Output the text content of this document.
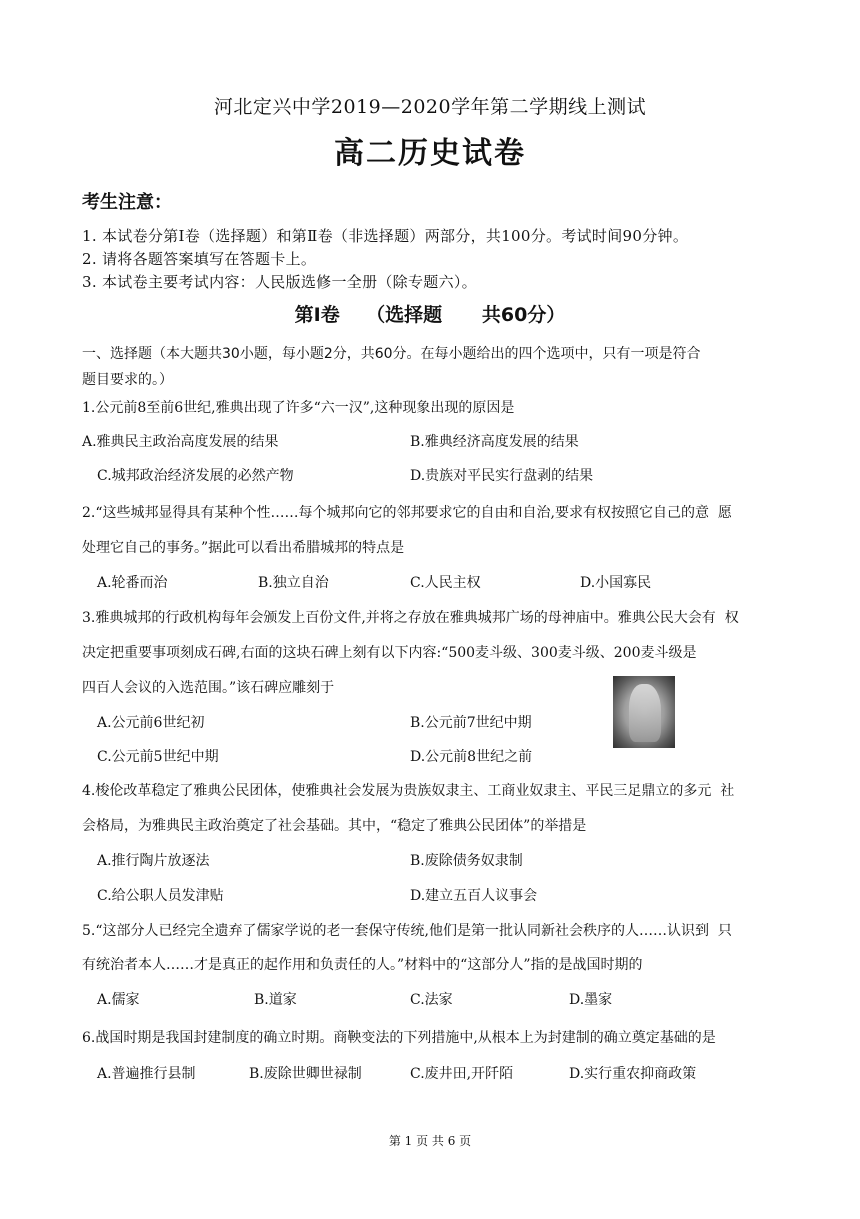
河北定兴中学2019—2020学年第二学期线上测试
高二历史试卷
考生注意：
1. 本试卷分第Ⅰ卷（选择题）和第Ⅱ卷（非选择题）两部分，共100分。考试时间90分钟。
2. 请将各题答案填写在答题卡上。
3. 本试卷主要考试内容：人民版选修一全册（除专题六）。
第Ⅰ卷    （选择题      共60分）
一、选择题（本大题共30小题，每小题2分，共60分。在每小题给出的四个选项中，只有一项是符合
题目要求的。）
1.公元前8至前6世纪,雅典出现了许多“六一汉”,这种现象出现的原因是
A.雅典民主政治高度发展的结果	B.雅典经济高度发展的结果
C.城邦政治经济发展的必然产物	D.贵族对平民实行盘剥的结果
2.“这些城邦显得具有某种个性……每个城邦向它的邻邦要求它的自由和自治,要求有权按照它自己的意  愿
处理它自己的事务。”据此可以看出希腊城邦的特点是
A.轮番而治	B.独立自治	C.人民主权	D.小国寡民
3.雅典城邦的行政机构每年会颁发上百份文件,并将之存放在雅典城邦广场的母神庙中。雅典公民大会有  权
决定把重要事项刻成石碑,右面的这块石碑上刻有以下内容:“500麦斗级、300麦斗级、200麦斗级是
四百人会议的入选范围。”该石碑应雕刻于
A.公元前6世纪初	B.公元前7世纪中期
C.公元前5世纪中期	D.公元前8世纪之前
4.梭伦改革稳定了雅典公民团体，使雅典社会发展为贵族奴隶主、工商业奴隶主、平民三足鼎立的多元  社
会格局，为雅典民主政治奠定了社会基础。其中，“稳定了雅典公民团体”的举措是
A.推行陶片放逐法	B.废除债务奴隶制
C.给公职人员发津贴	D.建立五百人议事会
5.“这部分人已经完全遗弃了儒家学说的老一套保守传统,他们是第一批认同新社会秩序的人……认识到  只
有统治者本人……才是真正的起作用和负责任的人。”材料中的“这部分人”指的是战国时期的
A.儒家	B.道家	C.法家	D.墨家
6.战国时期是我国封建制度的确立时期。商鞅变法的下列措施中,从根本上为封建制的确立奠定基础的是
A.普遍推行县制	B.废除世卿世禄制	C.废井田,开阡陌	D.实行重农抑商政策
第 1 页 共 6 页
